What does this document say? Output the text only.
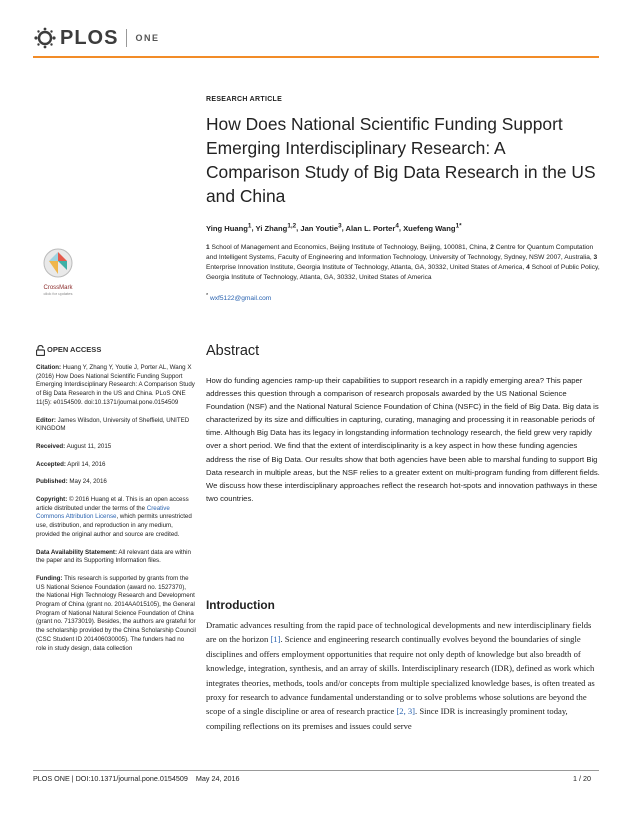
PLOS ONE
CrossMark
click for updates
OPEN ACCESS

Citation: Huang Y, Zhang Y, Youtie J, Porter AL, Wang X (2016) How Does National Scientific Funding Support Emerging Interdisciplinary Research: A Comparison Study of Big Data Research in the US and China. PLoS ONE 11(5): e0154509. doi:10.1371/journal.pone.0154509

Editor: James Wilsdon, University of Sheffield, UNITED KINGDOM

Received: August 11, 2015

Accepted: April 14, 2016

Published: May 24, 2016

Copyright: © 2016 Huang et al. This is an open access article distributed under the terms of the Creative Commons Attribution License, which permits unrestricted use, distribution, and reproduction in any medium, provided the original author and source are credited.

Data Availability Statement: All relevant data are within the paper and its Supporting Information files.

Funding: This research is supported by grants from the US National Science Foundation (award no. 1527370), the National High Technology Research and Development Program of China (grant no. 2014AA015105), the General Program of National Natural Science Foundation of China (grant no. 71373019). Besides, the authors are grateful for the scholarship provided by the China Scholarship Council (CSC Student ID 201406030005). The funders had no role in study design, data collection

RESEARCH ARTICLE
How Does National Scientific Funding Support Emerging Interdisciplinary Research: A Comparison Study of Big Data Research in the US and China
Ying Huang$^1$, Yi Zhang$^{1,2}$, Jan Youtie$^3$, Alan L. Porter$^4$, Xuefeng Wang$^{1*}$
1 School of Management and Economics, Beijing Institute of Technology, Beijing, 100081, China, 2 Centre for Quantum Computation and Intelligent Systems, Faculty of Engineering and Information Technology, University of Technology, Sydney, NSW 2007, Australia, 3 Enterprise Innovation Institute, Georgia Institute of Technology, Atlanta, GA, 30332, United States of America, 4 School of Public Policy, Georgia Institute of Technology, Atlanta, GA, 30332, United States of America
* wxf5122@gmail.com
Abstract
How do funding agencies ramp-up their capabilities to support research in a rapidly emerging area? This paper addresses this question through a comparison of research proposals awarded by the US National Science Foundation (NSF) and the National Natural Science Foundation of China (NSFC) in the field of Big Data. Big data is characterized by its size and difficulties in capturing, curating, managing and processing it in reasonable periods of time. Although Big Data has its legacy in longstanding information technology research, the field grew very rapidly over a short period. We find that the extent of interdisciplinarity is a key aspect in how these funding agencies address the rise of Big Data. Our results show that both agencies have been able to marshal funding to support Big Data research in multiple areas, but the NSF relies to a greater extent on multi-program funding from different fields. We discuss how these interdisciplinary approaches reflect the research hot-spots and innovation pathways in these two countries.
Introduction
Dramatic advances resulting from the rapid pace of technological developments and new interdisciplinary fields are on the horizon [1]. Science and engineering research continually evolves beyond the boundaries of single disciplines and offers employment opportunities that require not only depth of knowledge but also breadth of knowledge, integration, synthesis, and an array of skills. Interdisciplinary research (IDR), defined as work which integrates theories, methods, tools and/or concepts from multiple specialized knowledge bases, is often treated as proxy for research to advance fundamental understanding or to solve problems whose solutions are beyond the scope of a single discipline or area of research practice [2, 3]. Since IDR is increasingly prominent today, compiling reflections on its premises and issues could serve
PLOS ONE | DOI:10.1371/journal.pone.0154509    May 24, 2016	1 / 20
